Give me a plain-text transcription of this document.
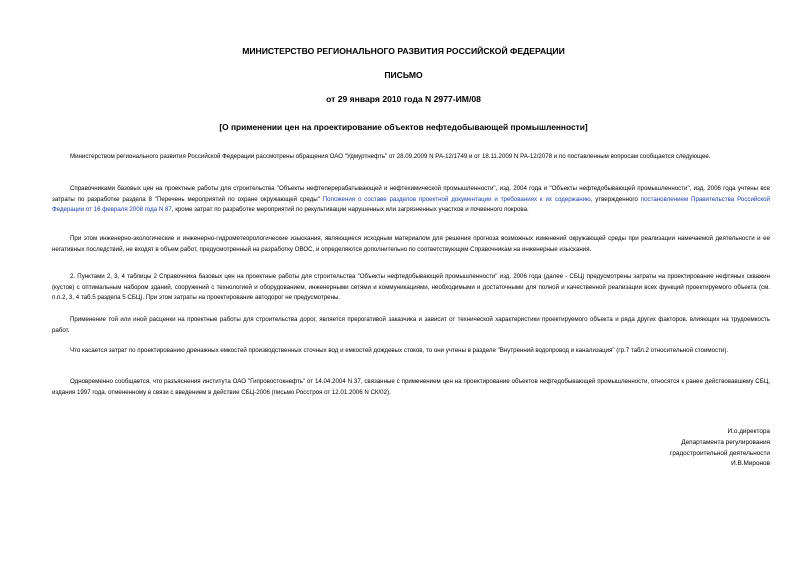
МИНИСТЕРСТВО РЕГИОНАЛЬНОГО РАЗВИТИЯ РОССИЙСКОЙ ФЕДЕРАЦИИ
ПИСЬМО
от 29 января 2010 года N 2977-ИМ/08
[О применении цен на проектирование объектов нефтедобывающей промышленности]
Министерством регионального развития Российской Федерации рассмотрены обращения ОАО "Удмуртнефть" от 28.09.2009 N РА-12/1749 и от 18.11.2009 N РА-12/2078 и по поставленным вопросам сообщается следующее.
Справочниками базовых цен на проектные работы для строительства "Объекты нефтеперерабатывающей и нефтехимической промышленности", изд. 2004 года и "Объекты нефтедобывающей промышленности", изд. 2006 года учтены все затраты по разработке раздела 8 "Перечень мероприятий по охране окружающей среды" Положения о составе разделов проектной документации и требованиях к их содержанию, утвержденного постановлением Правительства Российской Федерации от 16 февраля 2008 года N 87, кроме затрат по разработке мероприятий по рекультивации нарушенных или загрязненных участков и почвенного покрова.
При этом инженерно-экологические и инженерно-гидрометеорологические изыскания, являющиеся исходным материалом для решения прогноза возможных изменений окружающей среды при реализации намечаемой деятельности и ее негативных последствий, не входят в объем работ, предусмотренный на разработку ОВОС, и определяются дополнительно по соответствующим Справочникам на инженерные изыскания.
2. Пунктами 2, 3, 4 таблицы 2 Справочника базовых цен на проектные работы для строительства "Объекты нефтедобывающей промышленности" изд. 2006 года (далее - СБЦ) предусмотрены затраты на проектирование нефтяных скважин (кустов) с оптимальным набором зданий, сооружений с технологией и оборудованием, инженерными сетями и коммуникациями, необходимыми и достаточными для полной и качественной реализации всех функций проектируемого объекта (см. п.п.2, 3, 4 таб.5 раздела 5 СБЦ). При этом затраты на проектирование автодорог не предусмотрены.
Применение той или иной расценки на проектные работы для строительства дорог, является прерогативой заказчика и зависит от технической характеристики проектируемого объекта и ряда других факторов, влияющих на трудоемкость работ.
Что касается затрат по проектированию дренажных емкостей производственных сточных вод и емкостей дождевых стоков, то они учтены в разделе "Внутренний водопровод и канализация" (гр.7 табл.2 относительной стоимости).
Одновременно сообщается, что разъяснения института ОАО "Гипровостокнефть" от 14.04.2004 N 37, связанные с применением цен на проектирование объектов нефтедобывающей промышленности, относятся к ранее действовавшему СБЦ, издания 1997 года, отмененному в связи с введением в действие СБЦ-2006 (письмо Росстроя от 12.01.2006 N СК/02).
И.о.директора
Департамента регулирования
градостроительной деятельности
И.В.Миронов
